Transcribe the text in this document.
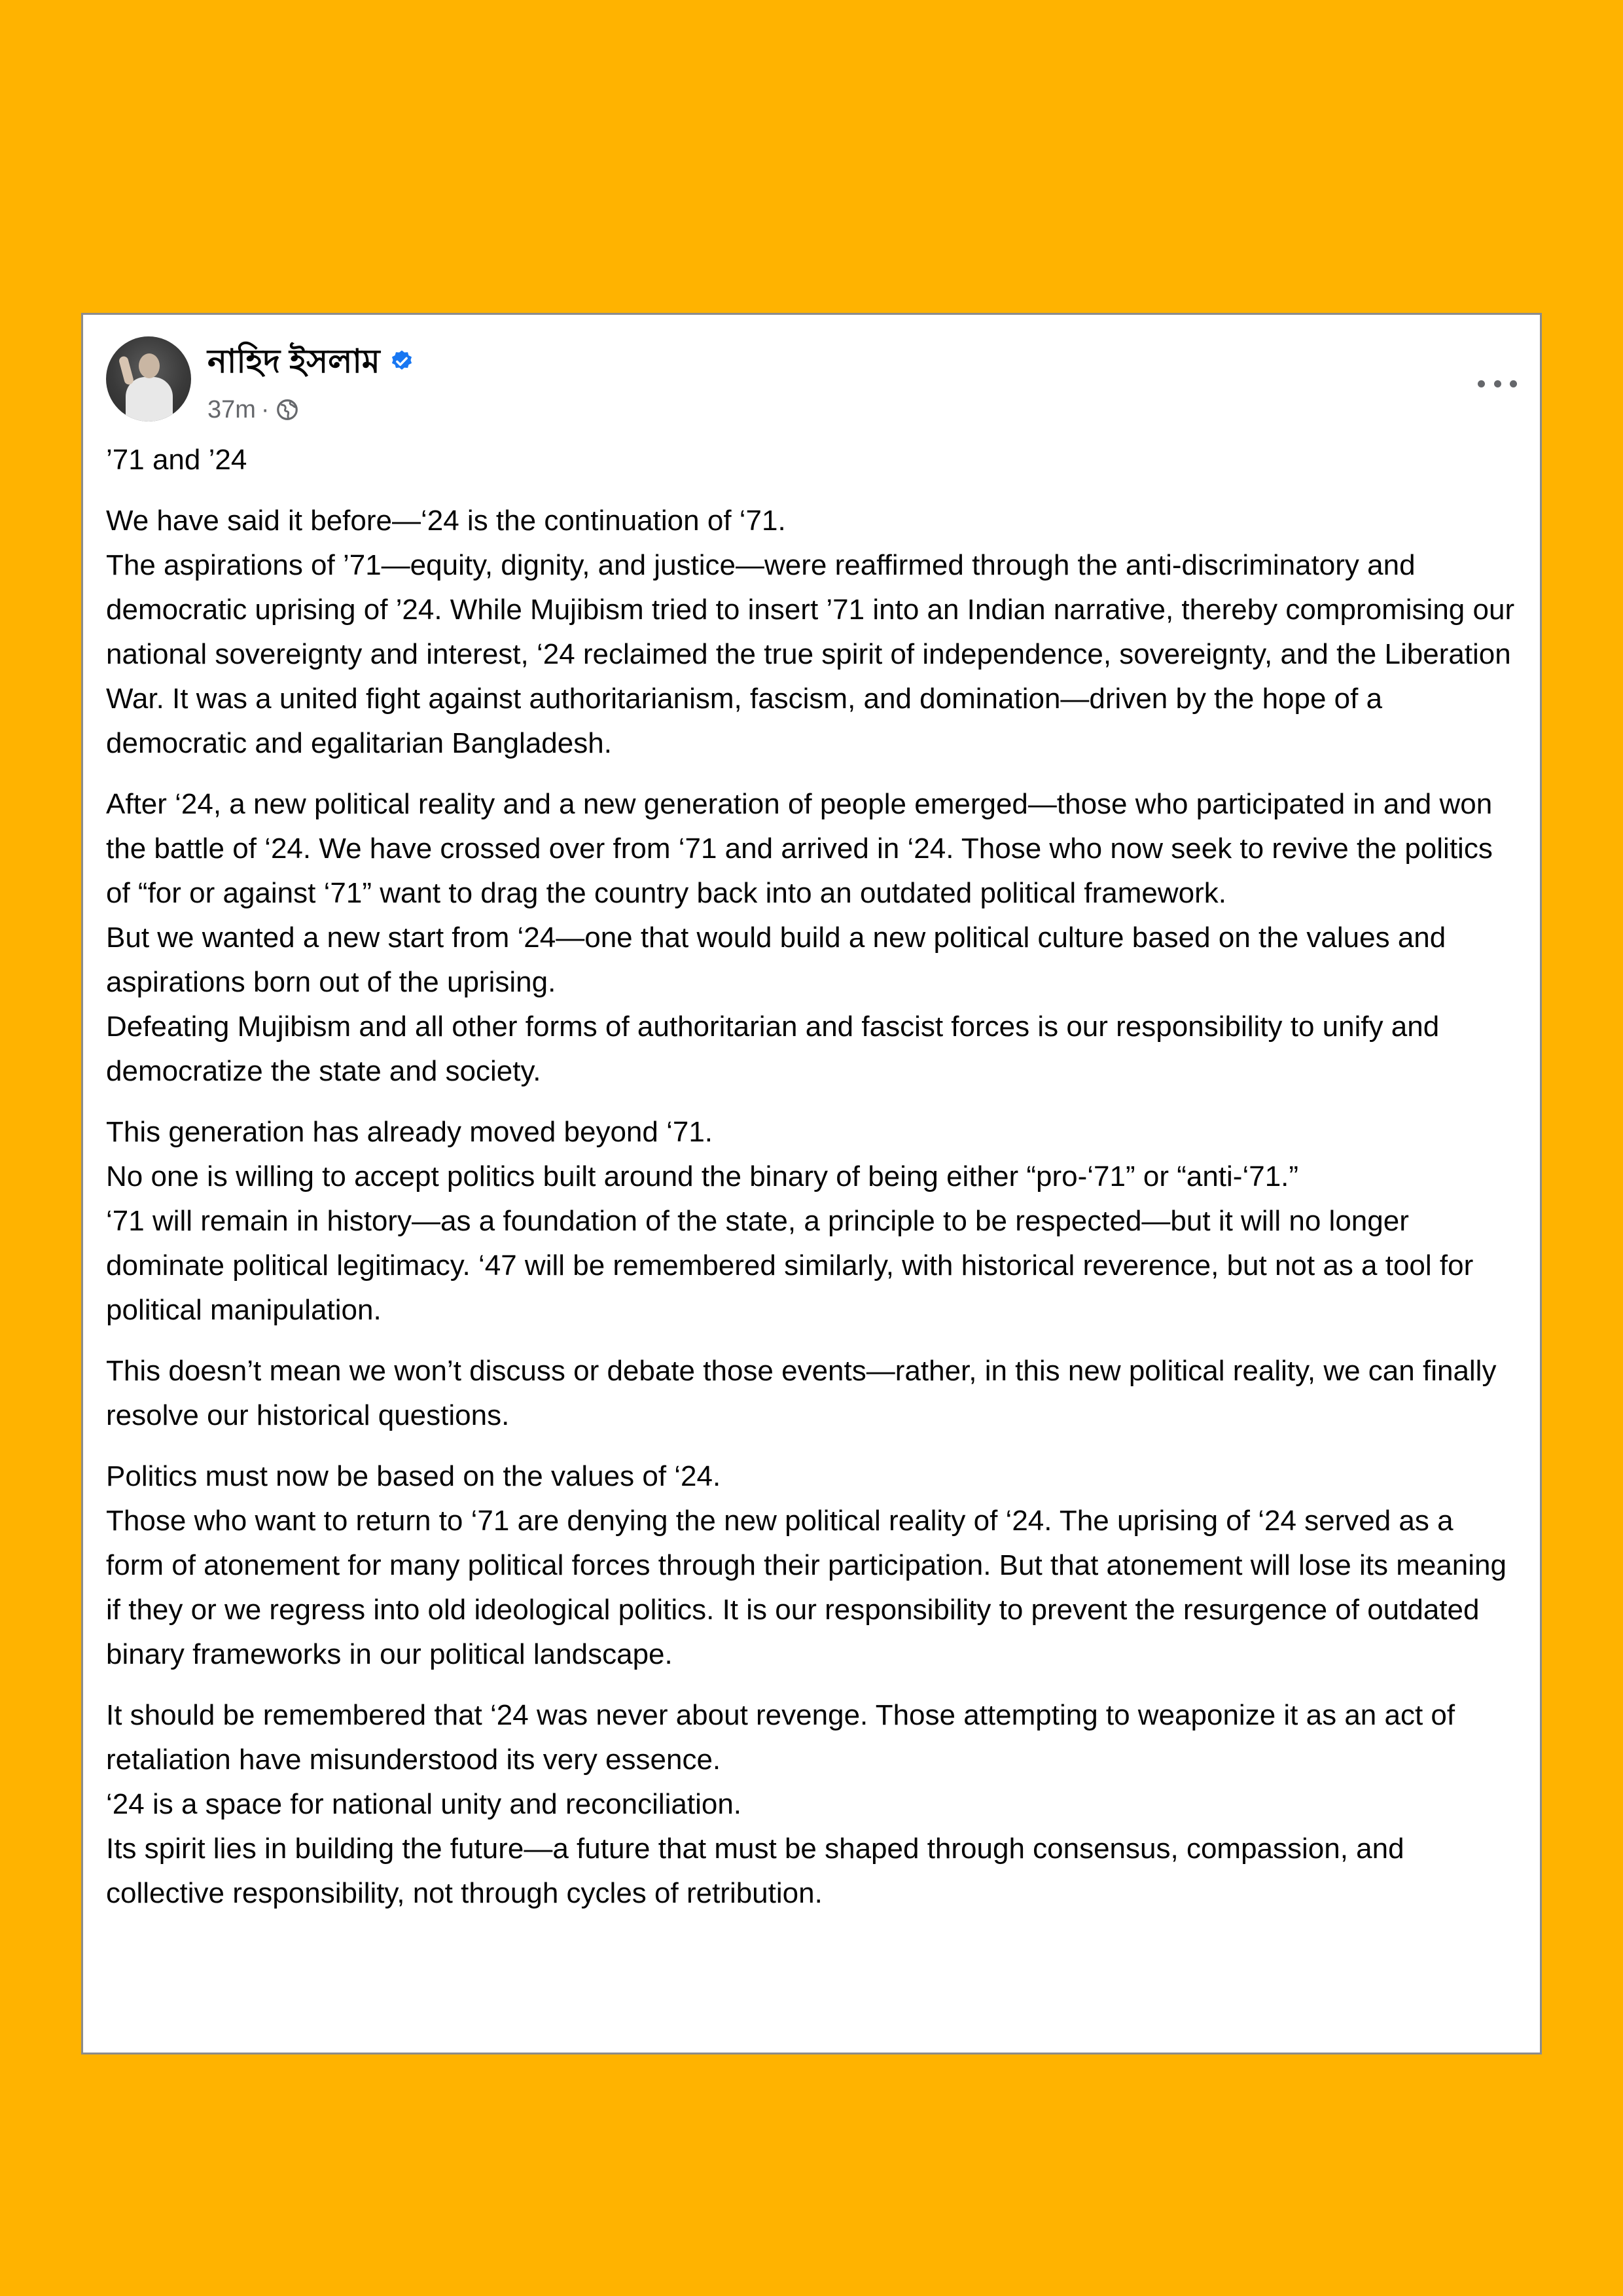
নাহিদ ইসলাম
37m ·
’71 and ’24

We have said it before—‘24 is the continuation of ‘71.

The aspirations of ’71—equity, dignity, and justice—were reaffirmed through the anti-discriminatory and democratic uprising of ’24. While Mujibism tried to insert ’71 into an Indian narrative, thereby compromising our national sovereignty and interest, ‘24 reclaimed the true spirit of independence, sovereignty, and the Liberation War. It was a united fight against authoritarianism, fascism, and domination—driven by the hope of a democratic and egalitarian Bangladesh.

After ‘24, a new political reality and a new generation of people emerged—those who participated in and won the battle of ‘24. We have crossed over from ‘71 and arrived in ‘24. Those who now seek to revive the politics of “for or against ‘71” want to drag the country back into an outdated political framework.

But we wanted a new start from ‘24—one that would build a new political culture based on the values and aspirations born out of the uprising.

Defeating Mujibism and all other forms of authoritarian and fascist forces is our responsibility to unify and democratize the state and society.

This generation has already moved beyond ‘71.

No one is willing to accept politics built around the binary of being either “pro-‘71” or “anti-‘71.”

‘71 will remain in history—as a foundation of the state, a principle to be respected—but it will no longer dominate political legitimacy. ‘47 will be remembered similarly, with historical reverence, but not as a tool for political manipulation.

This doesn’t mean we won’t discuss or debate those events—rather, in this new political reality, we can finally resolve our historical questions.

Politics must now be based on the values of ‘24.

Those who want to return to ‘71 are denying the new political reality of ‘24. The uprising of ‘24 served as a form of atonement for many political forces through their participation. But that atonement will lose its meaning if they or we regress into old ideological politics. It is our responsibility to prevent the resurgence of outdated binary frameworks in our political landscape.

It should be remembered that ‘24 was never about revenge. Those attempting to weaponize it as an act of retaliation have misunderstood its very essence.

‘24 is a space for national unity and reconciliation.

Its spirit lies in building the future—a future that must be shaped through consensus, compassion, and collective responsibility, not through cycles of retribution.
